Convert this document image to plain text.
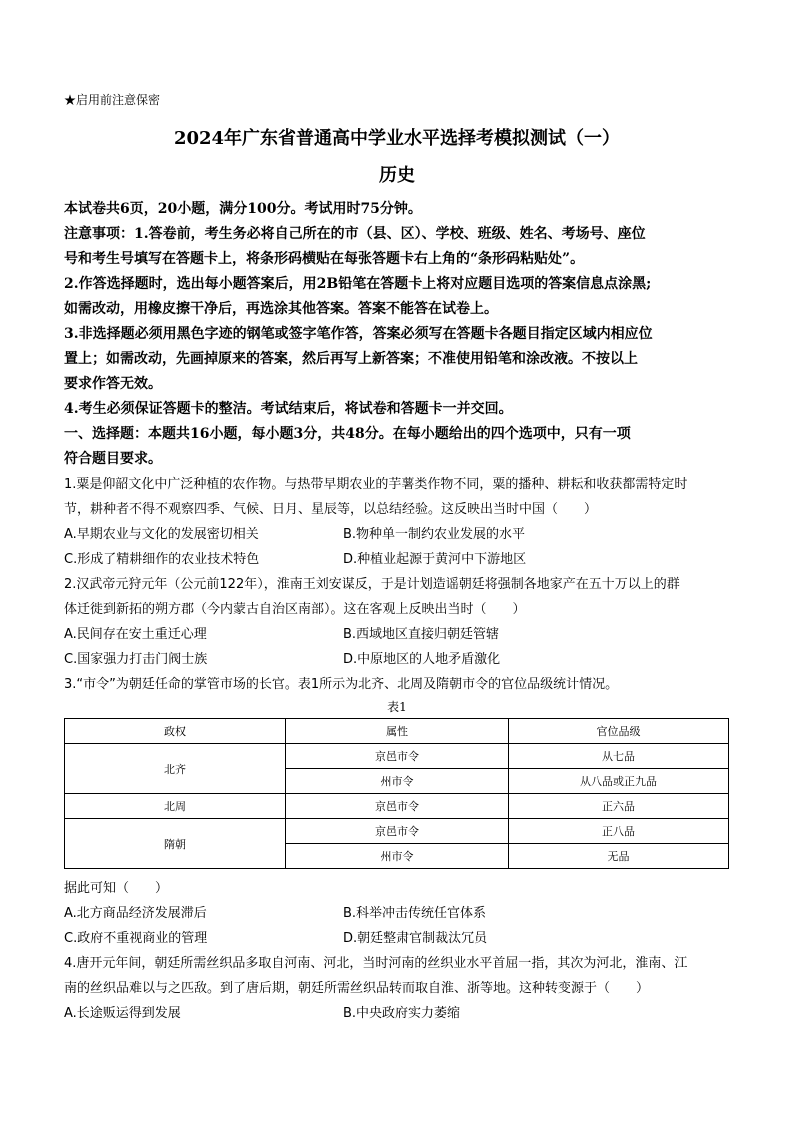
★启用前注意保密
2024年广东省普通高中学业水平选择考模拟测试（一）
历史
本试卷共6页，20小题，满分100分。考试用时75分钟。
注意事项：1.答卷前，考生务必将自己所在的市（县、区）、学校、班级、姓名、考场号、座位
号和考生号填写在答题卡上，将条形码横贴在每张答题卡右上角的“条形码粘贴处”。
2.作答选择题时，选出每小题答案后，用2B铅笔在答题卡上将对应题目选项的答案信息点涂黑;
如需改动，用橡皮擦干净后，再选涂其他答案。答案不能答在试卷上。
3.非选择题必须用黑色字迹的钢笔或签字笔作答，答案必须写在答题卡各题目指定区域内相应位
置上；如需改动，先画掉原来的答案，然后再写上新答案；不准使用铅笔和涂改液。不按以上
要求作答无效。
4.考生必须保证答题卡的整洁。考试结束后，将试卷和答题卡一并交回。
一、选择题：本题共16小题，每小题3分，共48分。在每小题给出的四个选项中，只有一项
符合题目要求。
1.粟是仰韶文化中广泛种植的农作物。与热带早期农业的芋薯类作物不同，粟的播种、耕耘和收获都需特定时
节，耕种者不得不观察四季、气候、日月、星辰等，以总结经验。这反映出当时中国（　　）
A.早期农业与文化的发展密切相关	B.物种单一制约农业发展的水平
C.形成了精耕细作的农业技术特色	D.种植业起源于黄河中下游地区
2.汉武帝元狩元年（公元前122年），淮南王刘安谋反，于是计划造谣朝廷将强制各地家产在五十万以上的群
体迁徙到新拓的朔方郡（今内蒙古自治区南部）。这在客观上反映出当时（　　）
A.民间存在安土重迁心理	B.西域地区直接归朝廷管辖
C.国家强力打击门阀士族	D.中原地区的人地矛盾激化
3.“市令”为朝廷任命的掌管市场的长官。表1所示为北齐、北周及隋朝市令的官位品级统计情况。
表1
政权	属性	官位品级
北齐	京邑市令	从七品
	州市令	从八品或正九品
北周	京邑市令	正六品
隋朝	京邑市令	正八品
	州市令	无品
据此可知（　　）
A.北方商品经济发展滞后	B.科举冲击传统任官体系
C.政府不重视商业的管理	D.朝廷整肃官制裁汰冗员
4.唐开元年间，朝廷所需丝织品多取自河南、河北，当时河南的丝织业水平首屈一指，其次为河北，淮南、江
南的丝织品难以与之匹敌。到了唐后期，朝廷所需丝织品转而取自淮、浙等地。这种转变源于（　　）
A.长途贩运得到发展	B.中央政府实力萎缩
